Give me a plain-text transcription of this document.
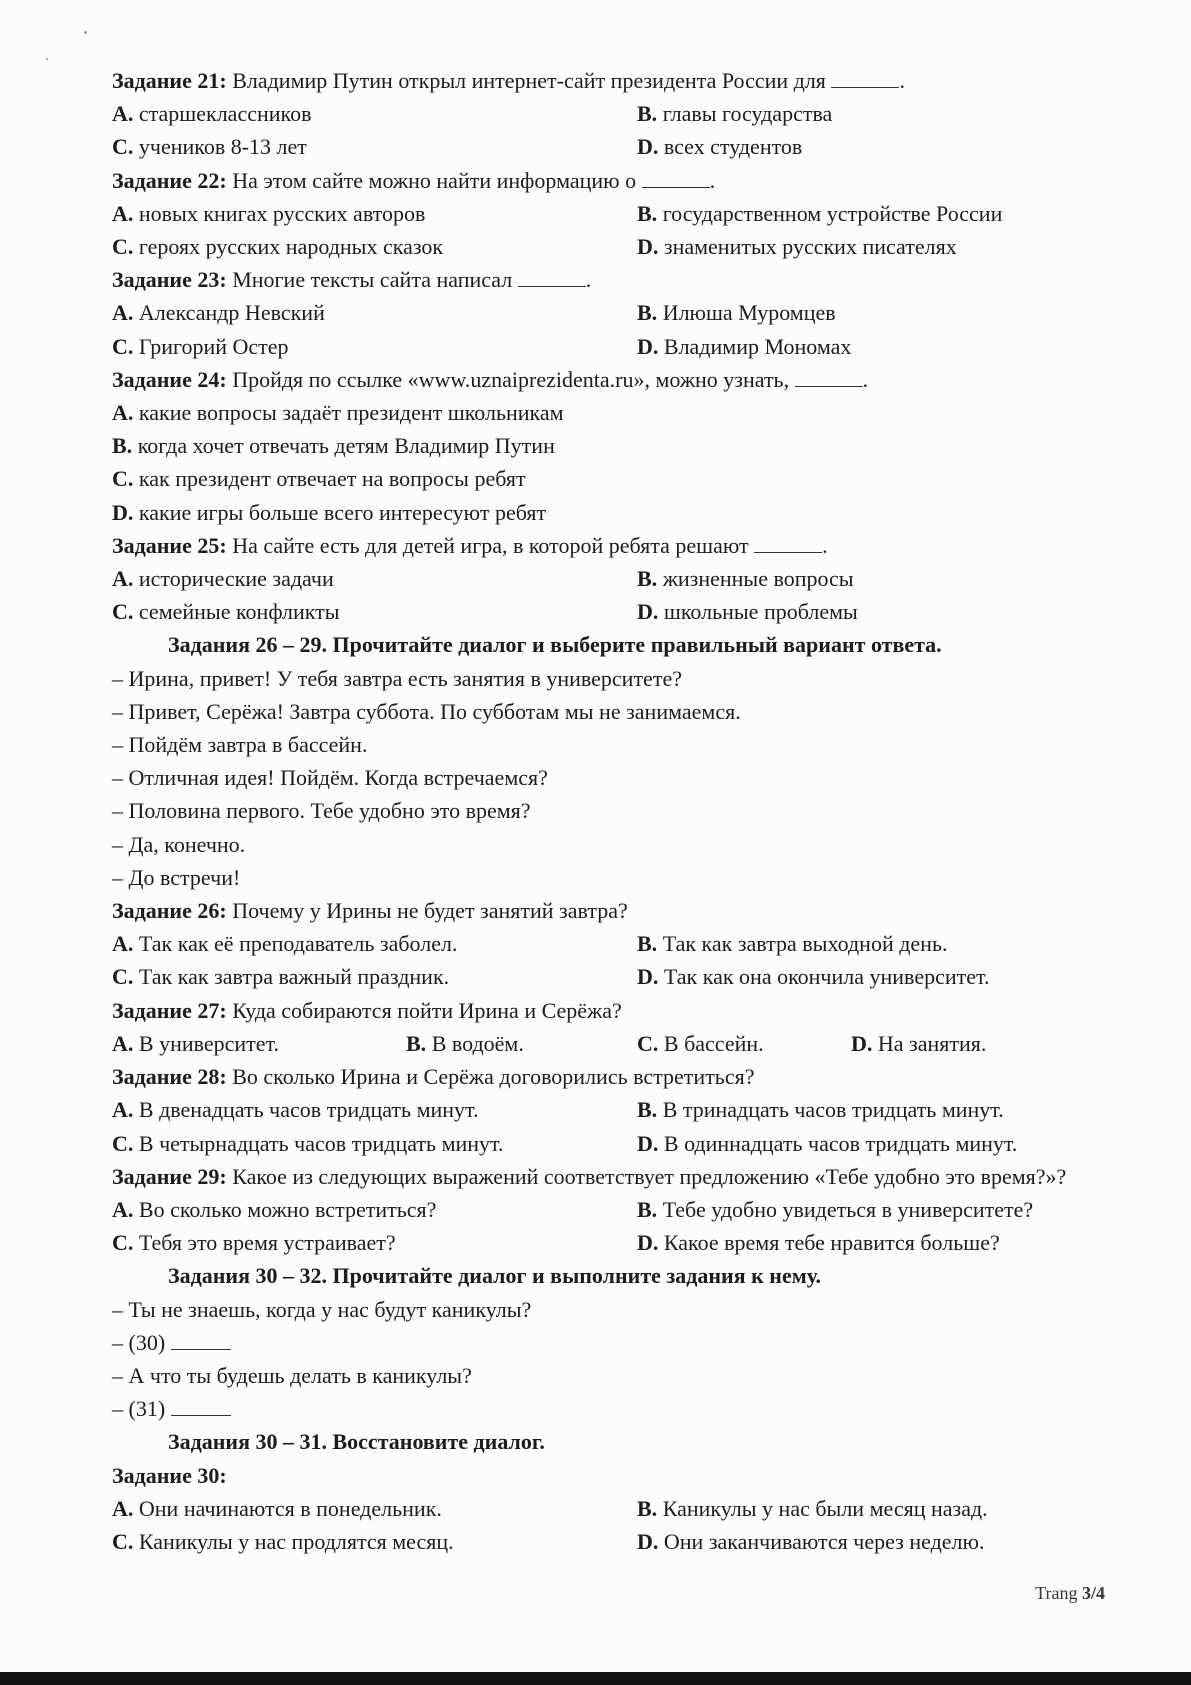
Задание 21: Владимир Путин открыл интернет-сайт президента России для	.
A. старшеклассников	B. главы государства
C. учеников 8-13 лет	D. всех студентов
Задание 22: На этом сайте можно найти информацию о	.
A. новых книгах русских авторов	B. государственном устройстве России
C. героях русских народных сказок	D. знаменитых русских писателях
Задание 23: Многие тексты сайта написал	.
A. Александр Невский	B. Илюша Муромцев
C. Григорий Остер	D. Владимир Мономах
Задание 24: Пройдя по ссылке «www.uznaiprezidenta.ru», можно узнать,	.
A. какие вопросы задаёт президент школьникам
B. когда хочет отвечать детям Владимир Путин
C. как президент отвечает на вопросы ребят
D. какие игры больше всего интересуют ребят
Задание 25: На сайте есть для детей игра, в которой ребята решают	.
A. исторические задачи	B. жизненные вопросы
C. семейные конфликты	D. школьные проблемы
Задания 26 – 29. Прочитайте диалог и выберите правильный вариант ответа.
– Ирина, привет! У тебя завтра есть занятия в университете?
– Привет, Серёжа! Завтра суббота. По субботам мы не занимаемся.
– Пойдём завтра в бассейн.
– Отличная идея! Пойдём. Когда встречаемся?
– Половина первого. Тебе удобно это время?
– Да, конечно.
– До встречи!
Задание 26: Почему у Ирины не будет занятий завтра?
A. Так как её преподаватель заболел.	B. Так как завтра выходной день.
C. Так как завтра важный праздник.	D. Так как она окончила университет.
Задание 27: Куда собираются пойти Ирина и Серёжа?
A. В университет.	B. В водоём.	C. В бассейн.	D. На занятия.
Задание 28: Во сколько Ирина и Серёжа договорились встретиться?
A. В двенадцать часов тридцать минут.	B. В тринадцать часов тридцать минут.
C. В четырнадцать часов тридцать минут.	D. В одиннадцать часов тридцать минут.
Задание 29: Какое из следующих выражений соответствует предложению «Тебе удобно это время?»?
A. Во сколько можно встретиться?	B. Тебе удобно увидеться в университете?
C. Тебя это время устраивает?	D. Какое время тебе нравится больше?
Задания 30 – 32. Прочитайте диалог и выполните задания к нему.
– Ты не знаешь, когда у нас будут каникулы?
– (30)
– А что ты будешь делать в каникулы?
– (31)
Задания 30 – 31. Восстановите диалог.
Задание 30:
A. Они начинаются в понедельник.	B. Каникулы у нас были месяц назад.
C. Каникулы у нас продлятся месяц.	D. Они заканчиваются через неделю.
Trang 3/4
